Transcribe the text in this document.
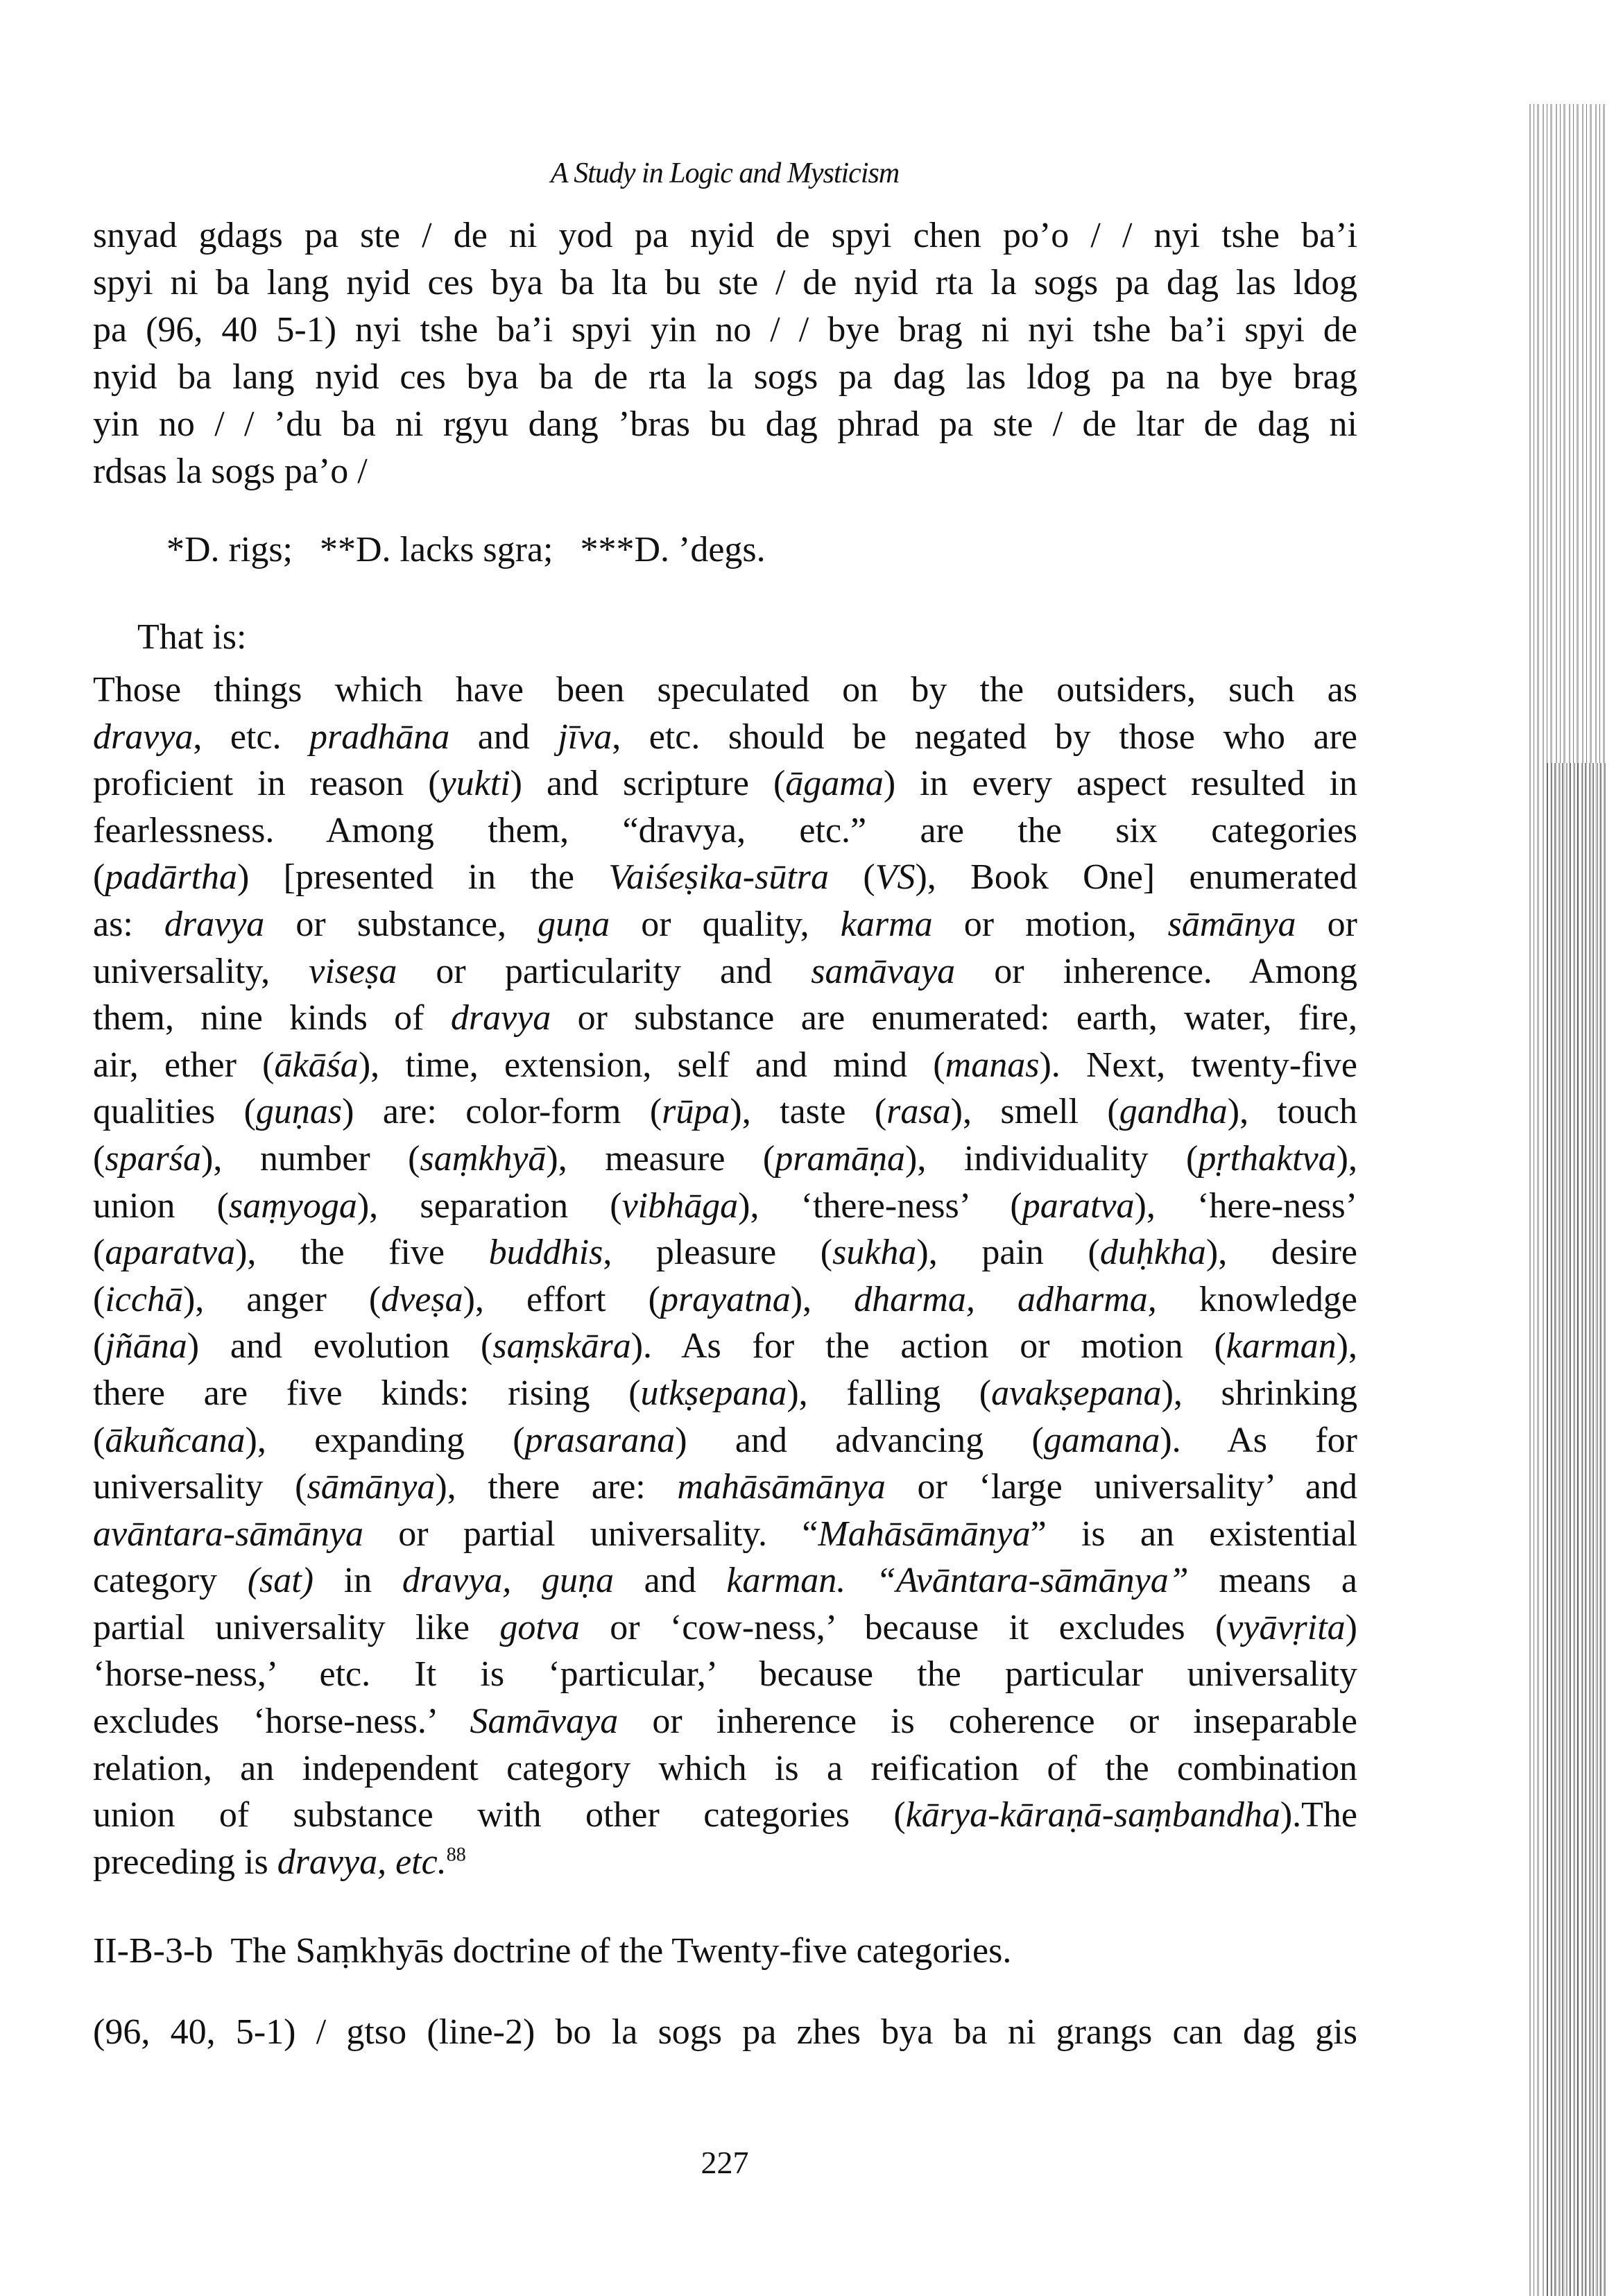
A Study in Logic and Mysticism
snyad gdags pa ste / de ni yod pa nyid de spyi chen po’o / / nyi tshe ba’i
spyi ni ba lang nyid ces bya ba lta bu ste / de nyid rta la sogs pa dag las ldog
pa (96, 40 5-1) nyi tshe ba’i spyi yin no / / bye brag ni nyi tshe ba’i spyi de
nyid ba lang nyid ces bya ba de rta la sogs pa dag las ldog pa na bye brag
yin no / / ’du ba ni rgyu dang ’bras bu dag phrad pa ste / de ltar de dag ni
rdsas la sogs pa’o /
*D. rigs;   **D. lacks sgra;   ***D. ’degs.
That is:
Those things which have been speculated on by the outsiders, such as
dravya, etc. pradhāna and jīva, etc. should be negated by those who are
proficient in reason (yukti) and scripture (āgama) in every aspect resulted in
fearlessness. Among them, “dravya, etc.” are the six categories
(padārtha) [presented in the Vaiśeṣika-sūtra (VS), Book One] enumerated
as: dravya or substance, guṇa or quality, karma or motion, sāmānya or
universality, viseṣa or particularity and samāvaya or inherence. Among
them, nine kinds of dravya or substance are enumerated: earth, water, fire,
air, ether (ākāśa), time, extension, self and mind (manas). Next, twenty-five
qualities (guṇas) are: color-form (rūpa), taste (rasa), smell (gandha), touch
(sparśa), number (saṃkhyā), measure (pramāṇa), individuality (pṛthaktva),
union (saṃyoga), separation (vibhāga), ‘there-ness’ (paratva), ‘here-ness’
(aparatva), the five buddhis, pleasure (sukha), pain (duḥkha), desire
(icchā), anger (dveṣa), effort (prayatna), dharma, adharma, knowledge
(jñāna) and evolution (saṃskāra). As for the action or motion (karman),
there are five kinds: rising (utkṣepana), falling (avakṣepana), shrinking
(ākuñcana), expanding (prasarana) and advancing (gamana). As for
universality (sāmānya), there are: mahāsāmānya or ‘large universality’ and
avāntara-sāmānya or partial universality. “Mahāsāmānya” is an existential
category (sat) in dravya, guṇa and karman. “Avāntara-sāmānya” means a
partial universality like gotva or ‘cow-ness,’ because it excludes (vyāvṛita)
‘horse-ness,’ etc. It is ‘particular,’ because the particular universality
excludes ‘horse-ness.’ Samāvaya or inherence is coherence or inseparable
relation, an independent category which is a reification of the combination
union of substance with other categories (kārya-kāraṇā-saṃbandha).The
preceding is dravya, etc.$^{88}$
II-B-3-b  The Saṃkhyās doctrine of the Twenty-five categories.
(96, 40, 5-1) / gtso (line-2) bo la sogs pa zhes bya ba ni grangs can dag gis
227
